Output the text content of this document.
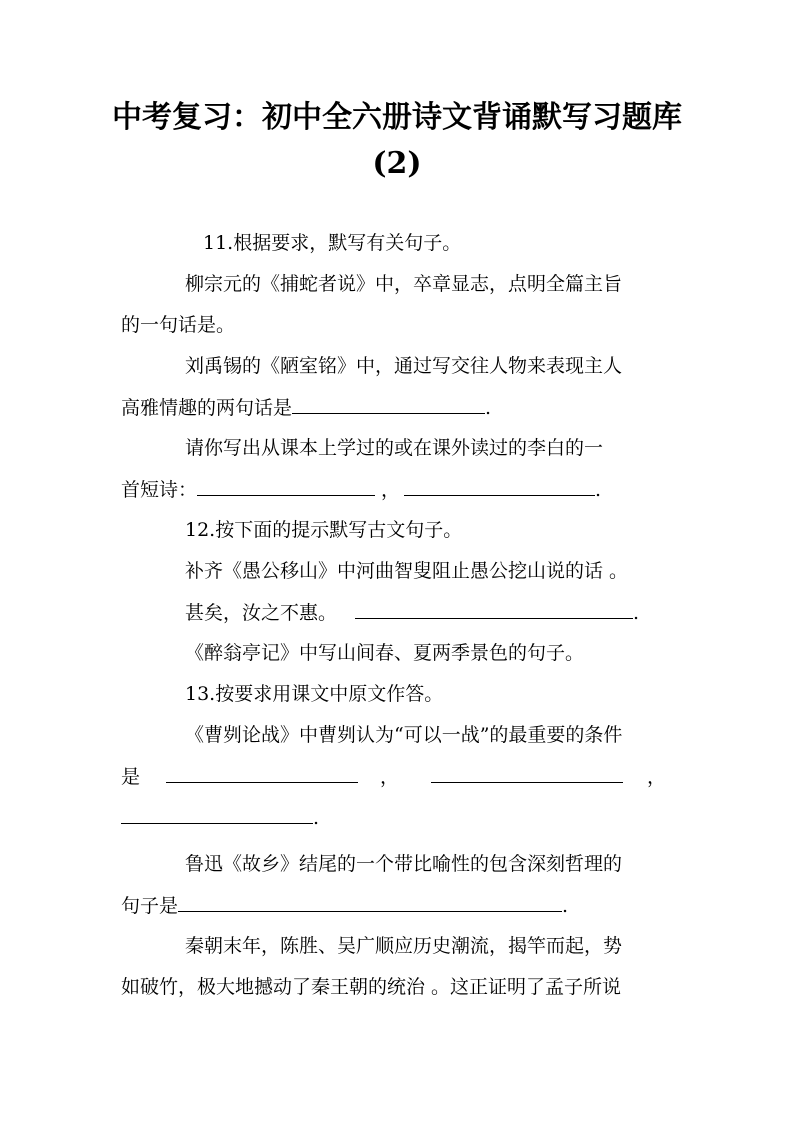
中考复习：初中全六册诗文背诵默写习题库
(2)

11.根据要求，默写有关句子。

柳宗元的《捕蛇者说》中，卒章显志，点明全篇主旨

的一句话是。

刘禹锡的《陋室铭》中，通过写交往人物来表现主人

高雅情趣的两句话是	.

请你写出从课本上学过的或在课外读过的李白的一

首短诗：	，	.

12.按下面的提示默写古文句子。

补齐《愚公移山》中河曲智叟阻止愚公挖山说的话 。

甚矣，汝之不惠。	.

《醉翁亭记》中写山间春、夏两季景色的句子。

13.按要求用课文中原文作答。

《曹刿论战》中曹刿认为“可以一战”的最重要的条件

是	，	，

.

鲁迅《故乡》结尾的一个带比喻性的包含深刻哲理的

句子是	.

秦朝末年，陈胜、吴广顺应历史潮流，揭竿而起，势

如破竹，极大地撼动了秦王朝的统治 。这正证明了孟子所说
